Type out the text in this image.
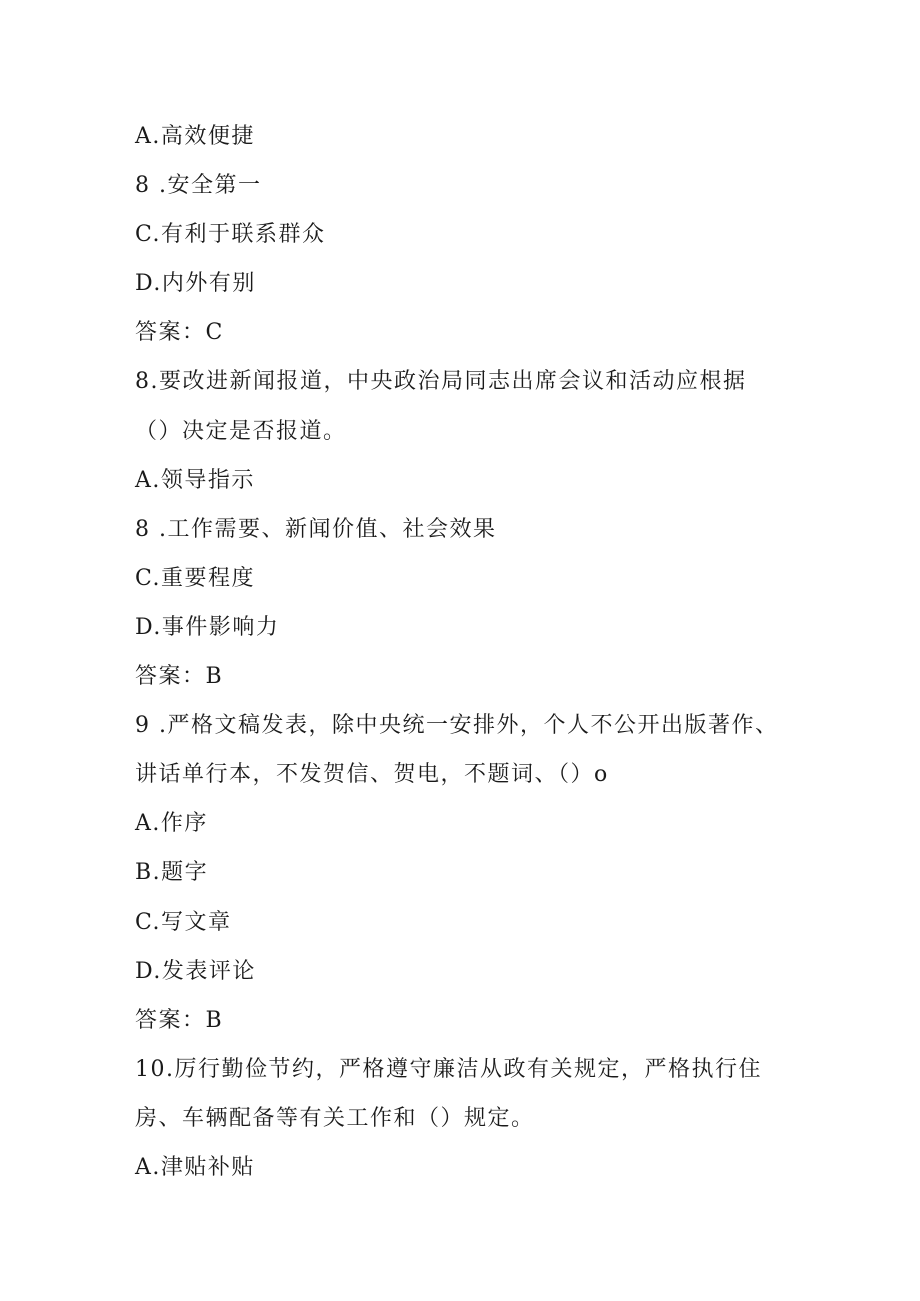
A.高效便捷
8 .安全第一
C.有利于联系群众
D.内外有别
答案：C
8.要改进新闻报道，中央政治局同志出席会议和活动应根据
（）决定是否报道。
A.领导指示
8 .工作需要、新闻价值、社会效果
C.重要程度
D.事件影响力
答案：B
9 .严格文稿发表，除中央统一安排外，个人不公开出版著作、
讲话单行本，不发贺信、贺电，不题词、（）o
A.作序
B.题字
C.写文章
D.发表评论
答案：B
10.厉行勤俭节约，严格遵守廉洁从政有关规定，严格执行住
房、车辆配备等有关工作和（）规定。
A.津贴补贴
